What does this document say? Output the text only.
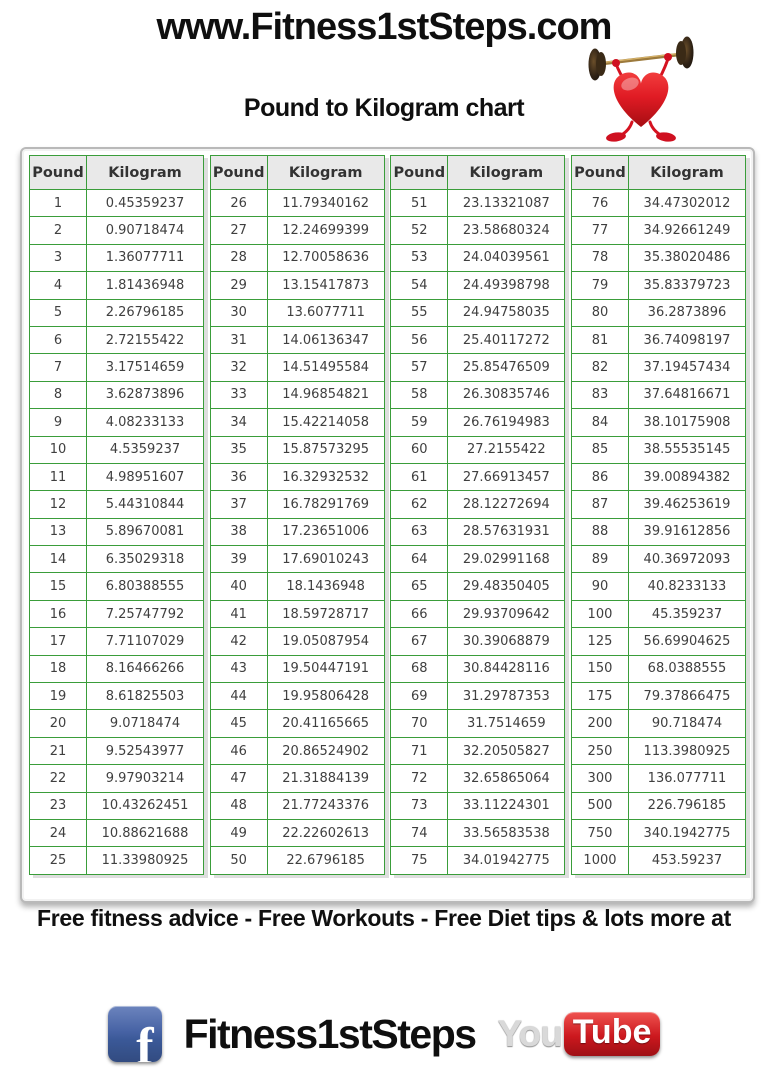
www.Fitness1stSteps.com
Pound to Kilogram chart
Pound	Kilogram
1	0.45359237
2	0.90718474
3	1.36077711
4	1.81436948
5	2.26796185
6	2.72155422
7	3.17514659
8	3.62873896
9	4.08233133
10	4.5359237
11	4.98951607
12	5.44310844
13	5.89670081
14	6.35029318
15	6.80388555
16	7.25747792
17	7.71107029
18	8.16466266
19	8.61825503
20	9.0718474
21	9.52543977
22	9.97903214
23	10.43262451
24	10.88621688
25	11.33980925
Pound	Kilogram
26	11.79340162
27	12.24699399
28	12.70058636
29	13.15417873
30	13.6077711
31	14.06136347
32	14.51495584
33	14.96854821
34	15.42214058
35	15.87573295
36	16.32932532
37	16.78291769
38	17.23651006
39	17.69010243
40	18.1436948
41	18.59728717
42	19.05087954
43	19.50447191
44	19.95806428
45	20.41165665
46	20.86524902
47	21.31884139
48	21.77243376
49	22.22602613
50	22.6796185
Pound	Kilogram
51	23.13321087
52	23.58680324
53	24.04039561
54	24.49398798
55	24.94758035
56	25.40117272
57	25.85476509
58	26.30835746
59	26.76194983
60	27.2155422
61	27.66913457
62	28.12272694
63	28.57631931
64	29.02991168
65	29.48350405
66	29.93709642
67	30.39068879
68	30.84428116
69	31.29787353
70	31.7514659
71	32.20505827
72	32.65865064
73	33.11224301
74	33.56583538
75	34.01942775
Pound	Kilogram
76	34.47302012
77	34.92661249
78	35.38020486
79	35.83379723
80	36.2873896
81	36.74098197
82	37.19457434
83	37.64816671
84	38.10175908
85	38.55535145
86	39.00894382
87	39.46253619
88	39.91612856
89	40.36972093
90	40.8233133
100	45.359237
125	56.69904625
150	68.0388555
175	79.37866475
200	90.718474
250	113.3980925
300	136.077711
500	226.796185
750	340.1942775
1000	453.59237
Free fitness advice - Free Workouts - Free Diet tips & lots more at
f Fitness1stSteps You Tube
